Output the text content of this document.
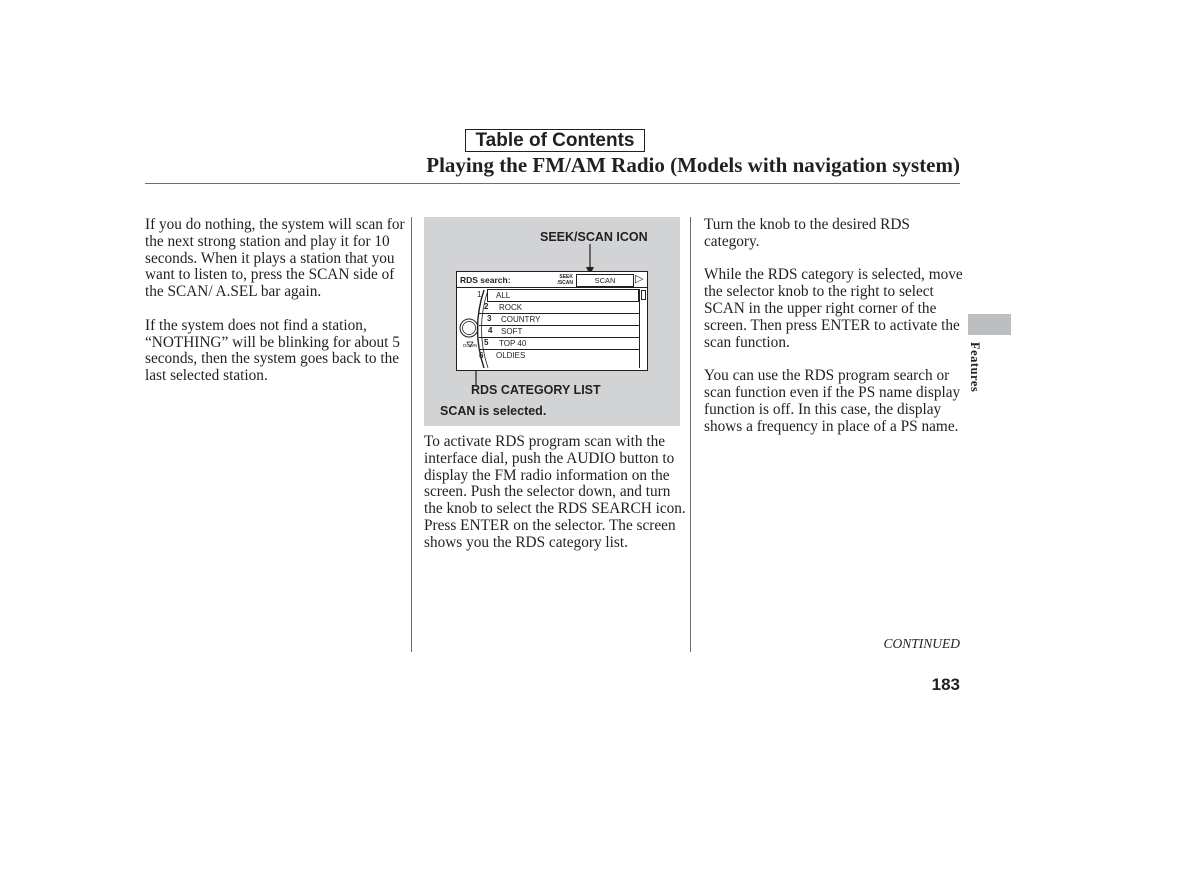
Table of Contents
Playing the FM/AM Radio (Models with navigation system)

If you do nothing, the system will scan for the next strong station and play it for 10 seconds. When it plays a station that you want to listen to, press the SCAN side of the SCAN/ A.SEL bar again.

If the system does not find a station, “NOTHING” will be blinking for about 5 seconds, then the system goes back to the last selected station.

SEEK/SCAN ICON
RDS CATEGORY LIST
SCAN is selected.
RDS search:	SEEK
/SCAN	SCAN	▷
DOWN
1 ALL
2 ROCK
3 COUNTRY
4 SOFT
5 TOP 40
6 OLDIES

To activate RDS program scan with the interface dial, push the AUDIO button to display the FM radio information on the screen. Push the selector down, and turn the knob to select the RDS SEARCH icon. Press ENTER on the selector. The screen shows you the RDS category list.

Turn the knob to the desired RDS category.

While the RDS category is selected, move the selector knob to the right to select SCAN in the upper right corner of the screen. Then press ENTER to activate the scan function.

You can use the RDS program search or scan function even if the PS name display function is off. In this case, the display shows a frequency in place of a PS name.

Features
CONTINUED
183
